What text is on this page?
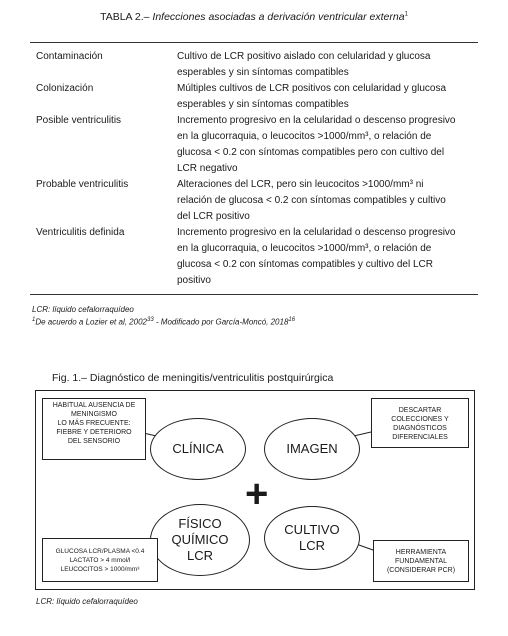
TABLA 2.– Infecciones asociadas a derivación ventricular externa$^1$
Contaminación	Cultivo de LCR positivo aislado con celularidad y glucosa
esperables y sin síntomas compatibles
Colonización	Múltiples cultivos de LCR positivos con celularidad y glucosa
esperables y sin síntomas compatibles
Posible ventriculitis	Incremento progresivo en la celularidad o descenso progresivo
en la glucorraquia, o leucocitos >1000/mm³, o relación de
glucosa < 0.2 con síntomas compatibles pero con cultivo del
LCR negativo
Probable ventriculitis	Alteraciones del LCR, pero sin leucocitos >1000/mm³ ni
relación de glucosa < 0.2 con síntomas compatibles y cultivo
del LCR positivo
Ventriculitis definida	Incremento progresivo en la celularidad o descenso progresivo
en la glucorraquia, o leucocitos >1000/mm³, o relación de
glucosa < 0.2 con síntomas compatibles y cultivo del LCR
positivo
LCR: líquido cefalorraquídeo
$^1$De acuerdo a Lozier et al, 2002$^{33}$ - Modificado por García-Moncó, 2018$^{16}$
Fig. 1.– Diagnóstico de meningitis/ventriculitis postquirúrgica
CLÍNICA	IMAGEN
FÍSICO
QUÍMICO
LCR
CULTIVO
LCR
+
HABITUAL AUSENCIA DE
MENINGISMO
LO MÁS FRECUENTE:
FIEBRE Y DETERIORO
DEL SENSORIO
DESCARTAR
COLECCIONES Y
DIAGNÓSTICOS
DIFERENCIALES
GLUCOSA LCR/PLASMA <0.4
LACTATO > 4 mmol/l
LEUCOCITOS > 1000/mm³
HERRAMIENTA
FUNDAMENTAL
(CONSIDERAR PCR)
LCR: líquido cefalorraquídeo
